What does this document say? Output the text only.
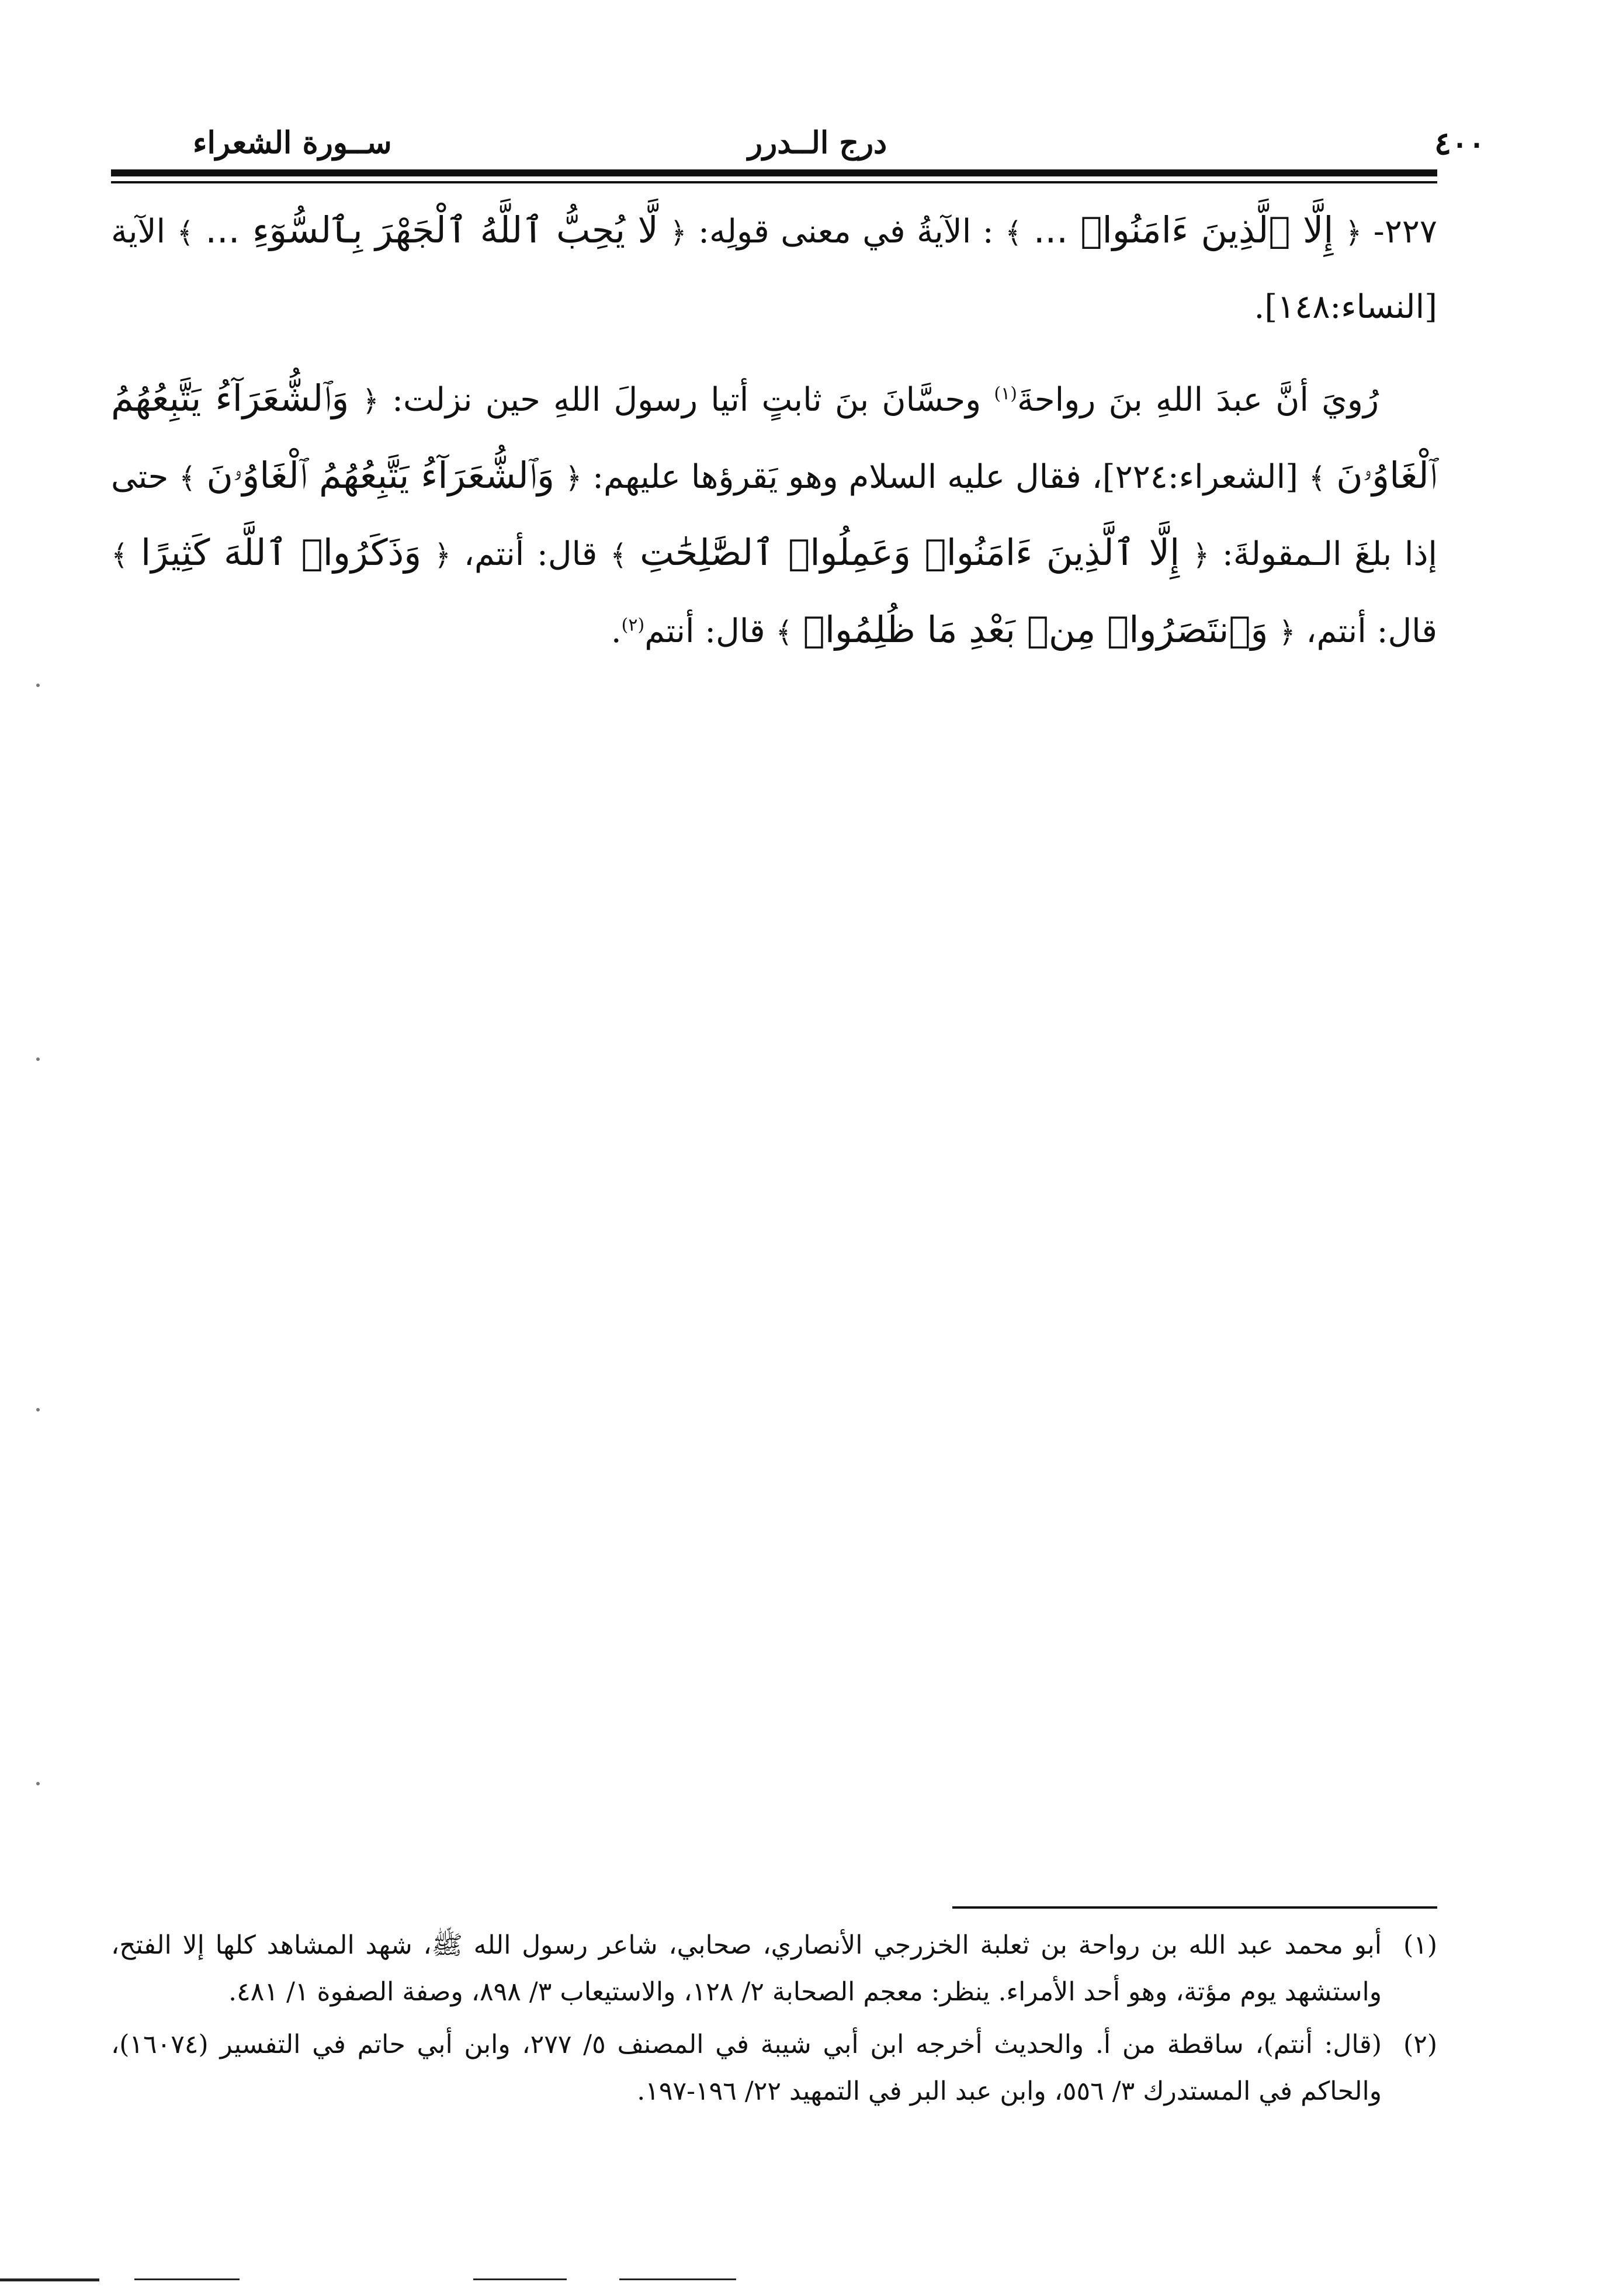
٤٠٠
درج الــدرر
ســورة الشعراء

٢٢٧- ﴿ إِلَّا ٱلَّذِينَ ءَامَنُوا۟ ... ﴾ : الآيةُ في معنى قولِه: ﴿ لَّا يُحِبُّ ٱللَّهُ ٱلْجَهْرَ بِٱلسُّوٓءِ ... ﴾ الآية [النساء:١٤٨].

رُويَ أنَّ عبدَ اللهِ بنَ رواحةَ$^{(١)}$ وحسَّانَ بنَ ثابتٍ أتيا رسولَ اللهِ حين نزلت: ﴿ وَٱلشُّعَرَآءُ يَتَّبِعُهُمُ ٱلْغَاوُۥنَ ﴾ [الشعراء:٢٢٤]، فقال عليه السلام وهو يَقرؤها عليهم: ﴿ وَٱلشُّعَرَآءُ يَتَّبِعُهُمُ ٱلْغَاوُۥنَ ﴾ حتى إذا بلغَ الـمقولةَ: ﴿ إِلَّا ٱلَّذِينَ ءَامَنُوا۟ وَعَمِلُوا۟ ٱلصَّٰلِحَٰتِ ﴾ قال: أنتم، ﴿ وَذَكَرُوا۟ ٱللَّهَ كَثِيرًا ﴾ قال: أنتم، ﴿ وَٱنتَصَرُوا۟ مِنۢ بَعْدِ مَا ظُلِمُوا۟ ﴾ قال: أنتم$^{(٢)}$.

(١)
أبو محمد عبد الله بن رواحة بن ثعلبة الخزرجي الأنصاري، صحابي، شاعر رسول الله ﷺ، شهد المشاهد كلها إلا الفتح، واستشهد يوم مؤتة، وهو أحد الأمراء. ينظر: معجم الصحابة ٢/ ١٢٨، والاستيعاب ٣/ ٨٩٨، وصفة الصفوة ١/ ٤٨١.

(٢)
(قال: أنتم)، ساقطة من أ. والحديث أخرجه ابن أبي شيبة في المصنف ٥/ ٢٧٧، وابن أبي حاتم في التفسير (١٦٠٧٤)، والحاكم في المستدرك ٣/ ٥٥٦، وابن عبد البر في التمهيد ٢٢/ ١٩٦-١٩٧.
